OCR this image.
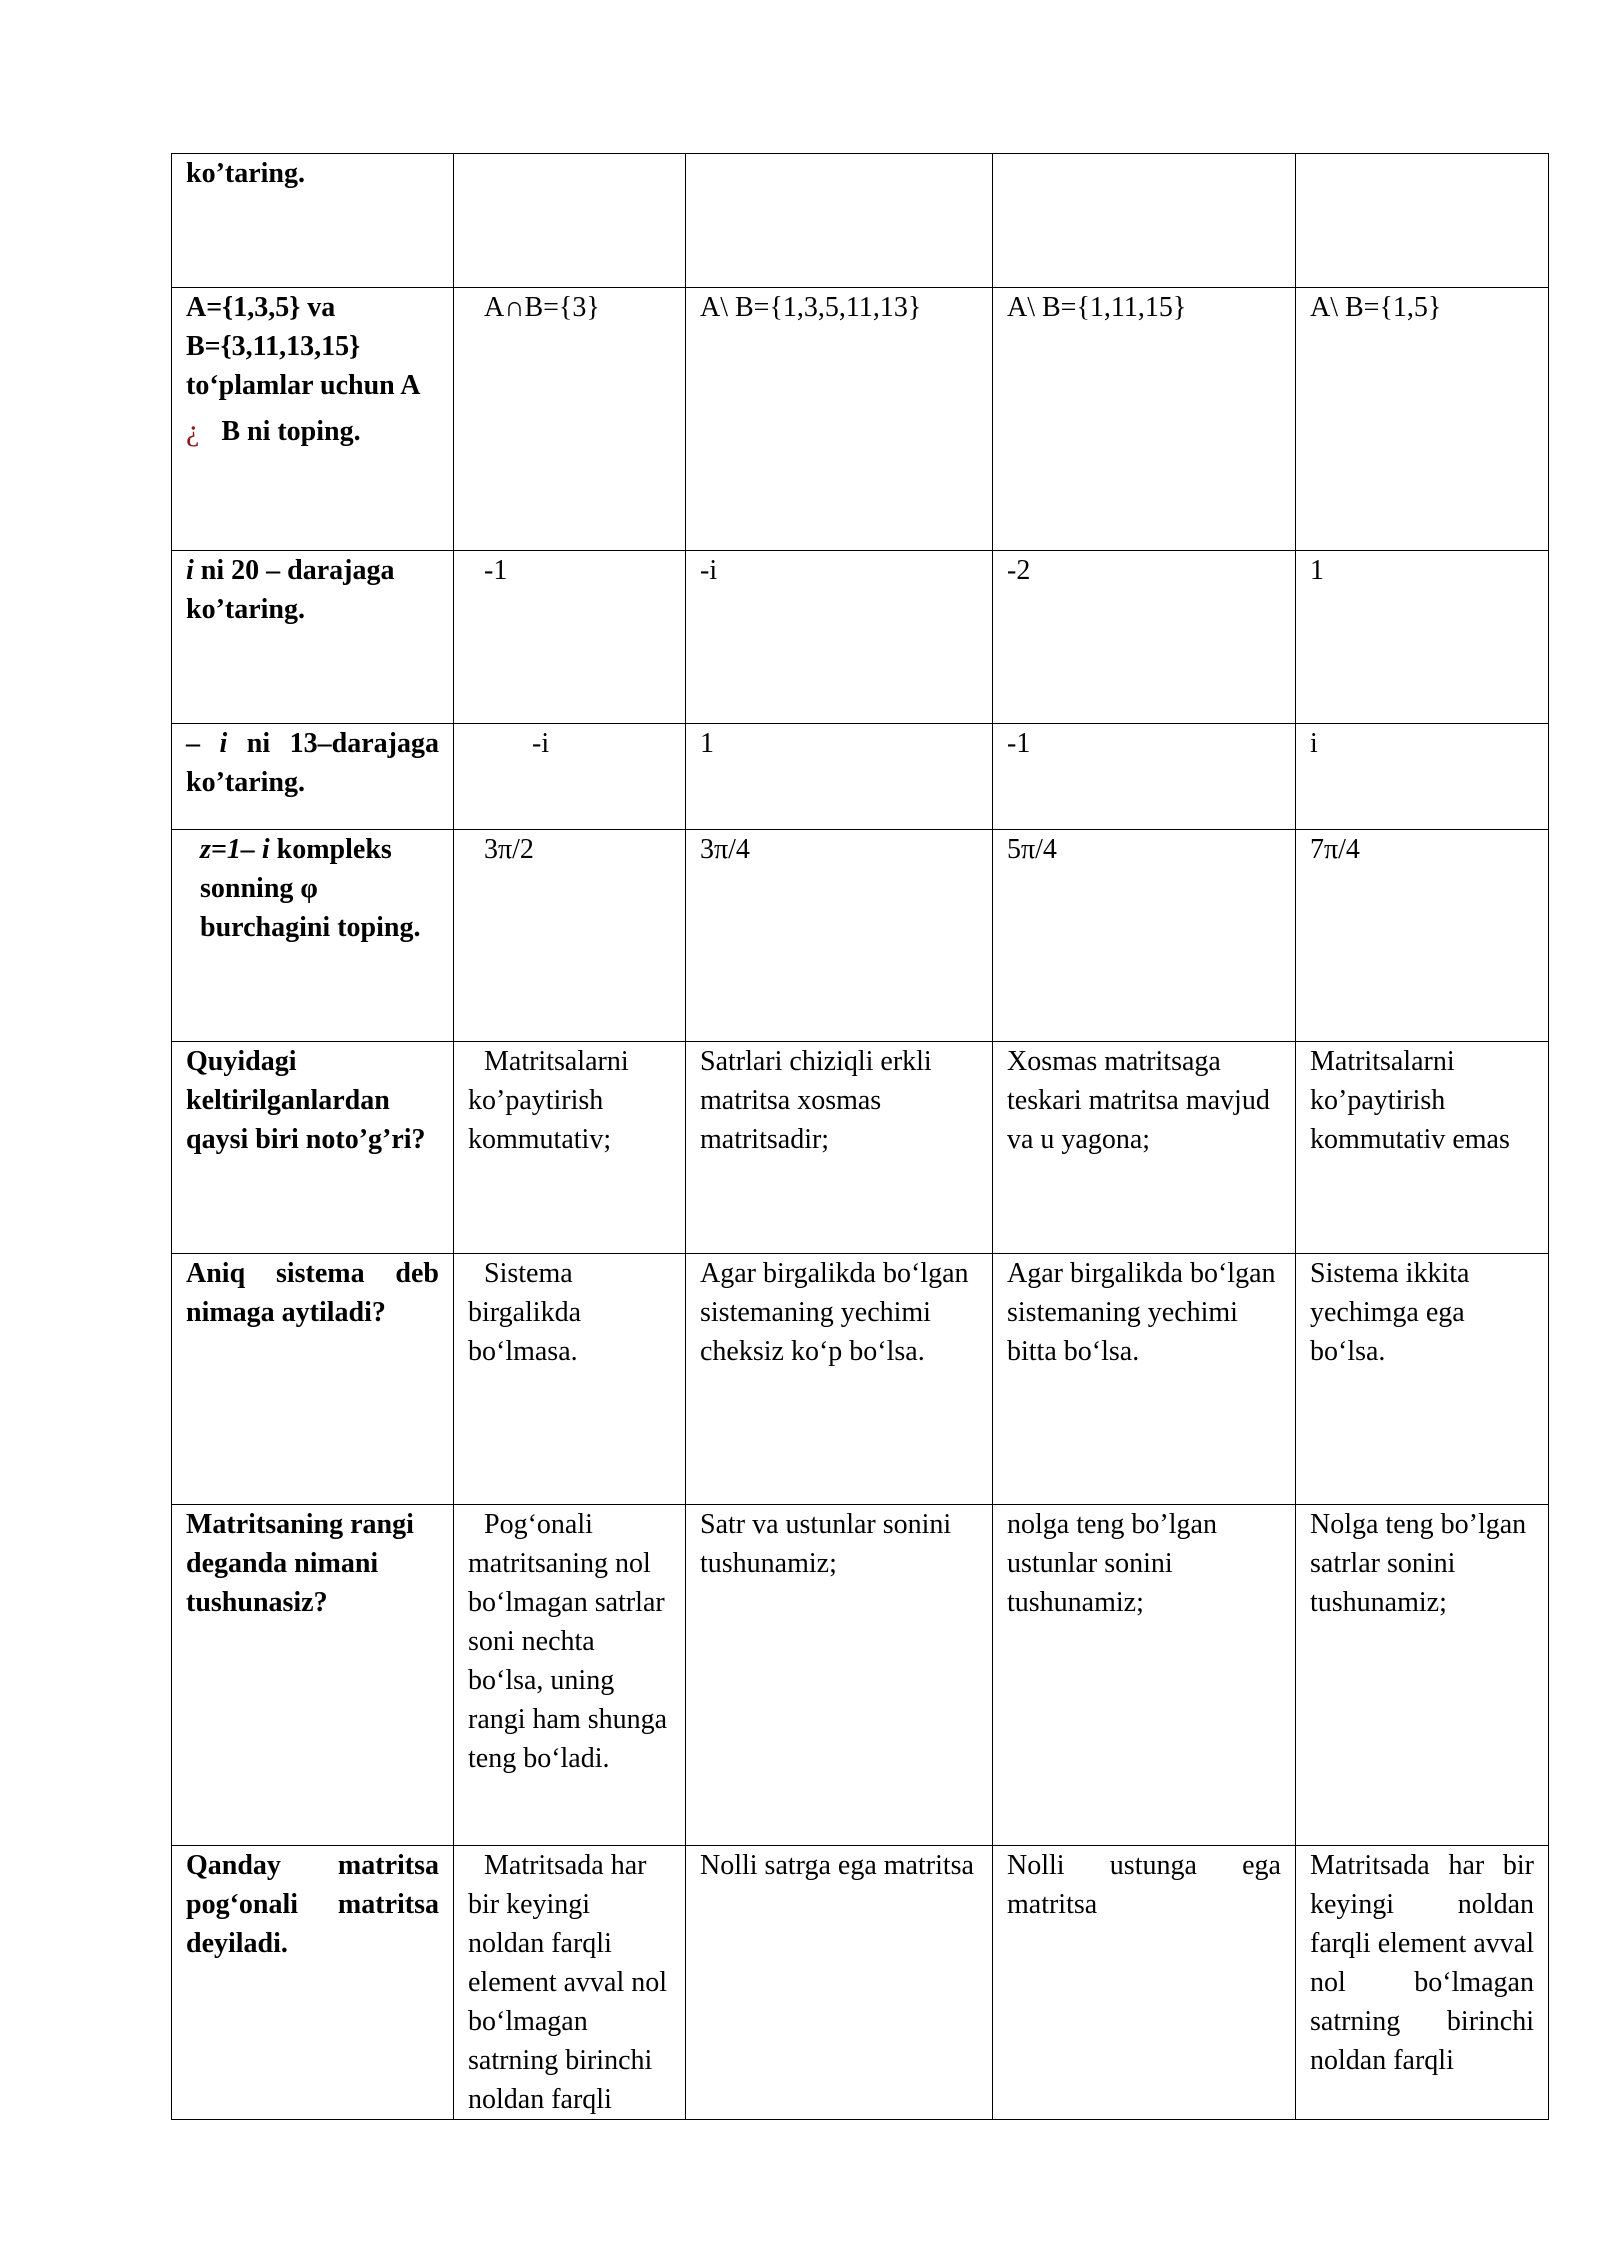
ko’taring.				

A={1,3,5} va
B={3,11,13,15}
to‘plamlar uchun A
¿ B ni toping.	A∩B={3}	A\ B={1,3,5,11,13}	A\ B={1,11,15}	A\ B={1,5}
i ni 20 – darajaga ko’taring.	-1	-i	-2	1
– i ni 13–darajaga ko’taring.	-i	1	-1	i
z=1– i kompleks sonning φ burchagini toping.	3π/2	3π/4	5π/4	7π/4
Quyidagi keltirilganlardan qaysi biri noto’g’ri?	Matritsalarni ko’paytirish kommutativ;	Satrlari chiziqli erkli matritsa xosmas matritsadir;	Xosmas matritsaga teskari matritsa mavjud va u yagona;	Matritsalarni ko’paytirish kommutativ emas
Aniq sistema deb nimaga aytiladi?	Sistema birgalikda bo‘lmasa.	Agar birgalikda bo‘lgan sistemaning yechimi cheksiz ko‘p bo‘lsa.	Agar birgalikda bo‘lgan sistemaning yechimi bitta bo‘lsa.	Sistema ikkita yechimga ega bo‘lsa.
Matritsaning rangi deganda nimani tushunasiz?	Pog‘onali matritsaning nol bo‘lmagan satrlar soni nechta bo‘lsa, uning rangi ham shunga teng bo‘ladi.	Satr va ustunlar sonini tushunamiz;	nolga teng bo’lgan ustunlar sonini tushunamiz;	Nolga teng bo’lgan satrlar sonini tushunamiz;
Qanday matritsa pog‘onali matritsa deyiladi.	Matritsada har bir keyingi noldan farqli element avval nol bo‘lmagan satrning birinchi noldan farqli	Nolli satrga ega matritsa	Nolli ustunga ega matritsa	Matritsada har bir keyingi noldan farqli element avval nol bo‘lmagan satrning birinchi noldan farqli
